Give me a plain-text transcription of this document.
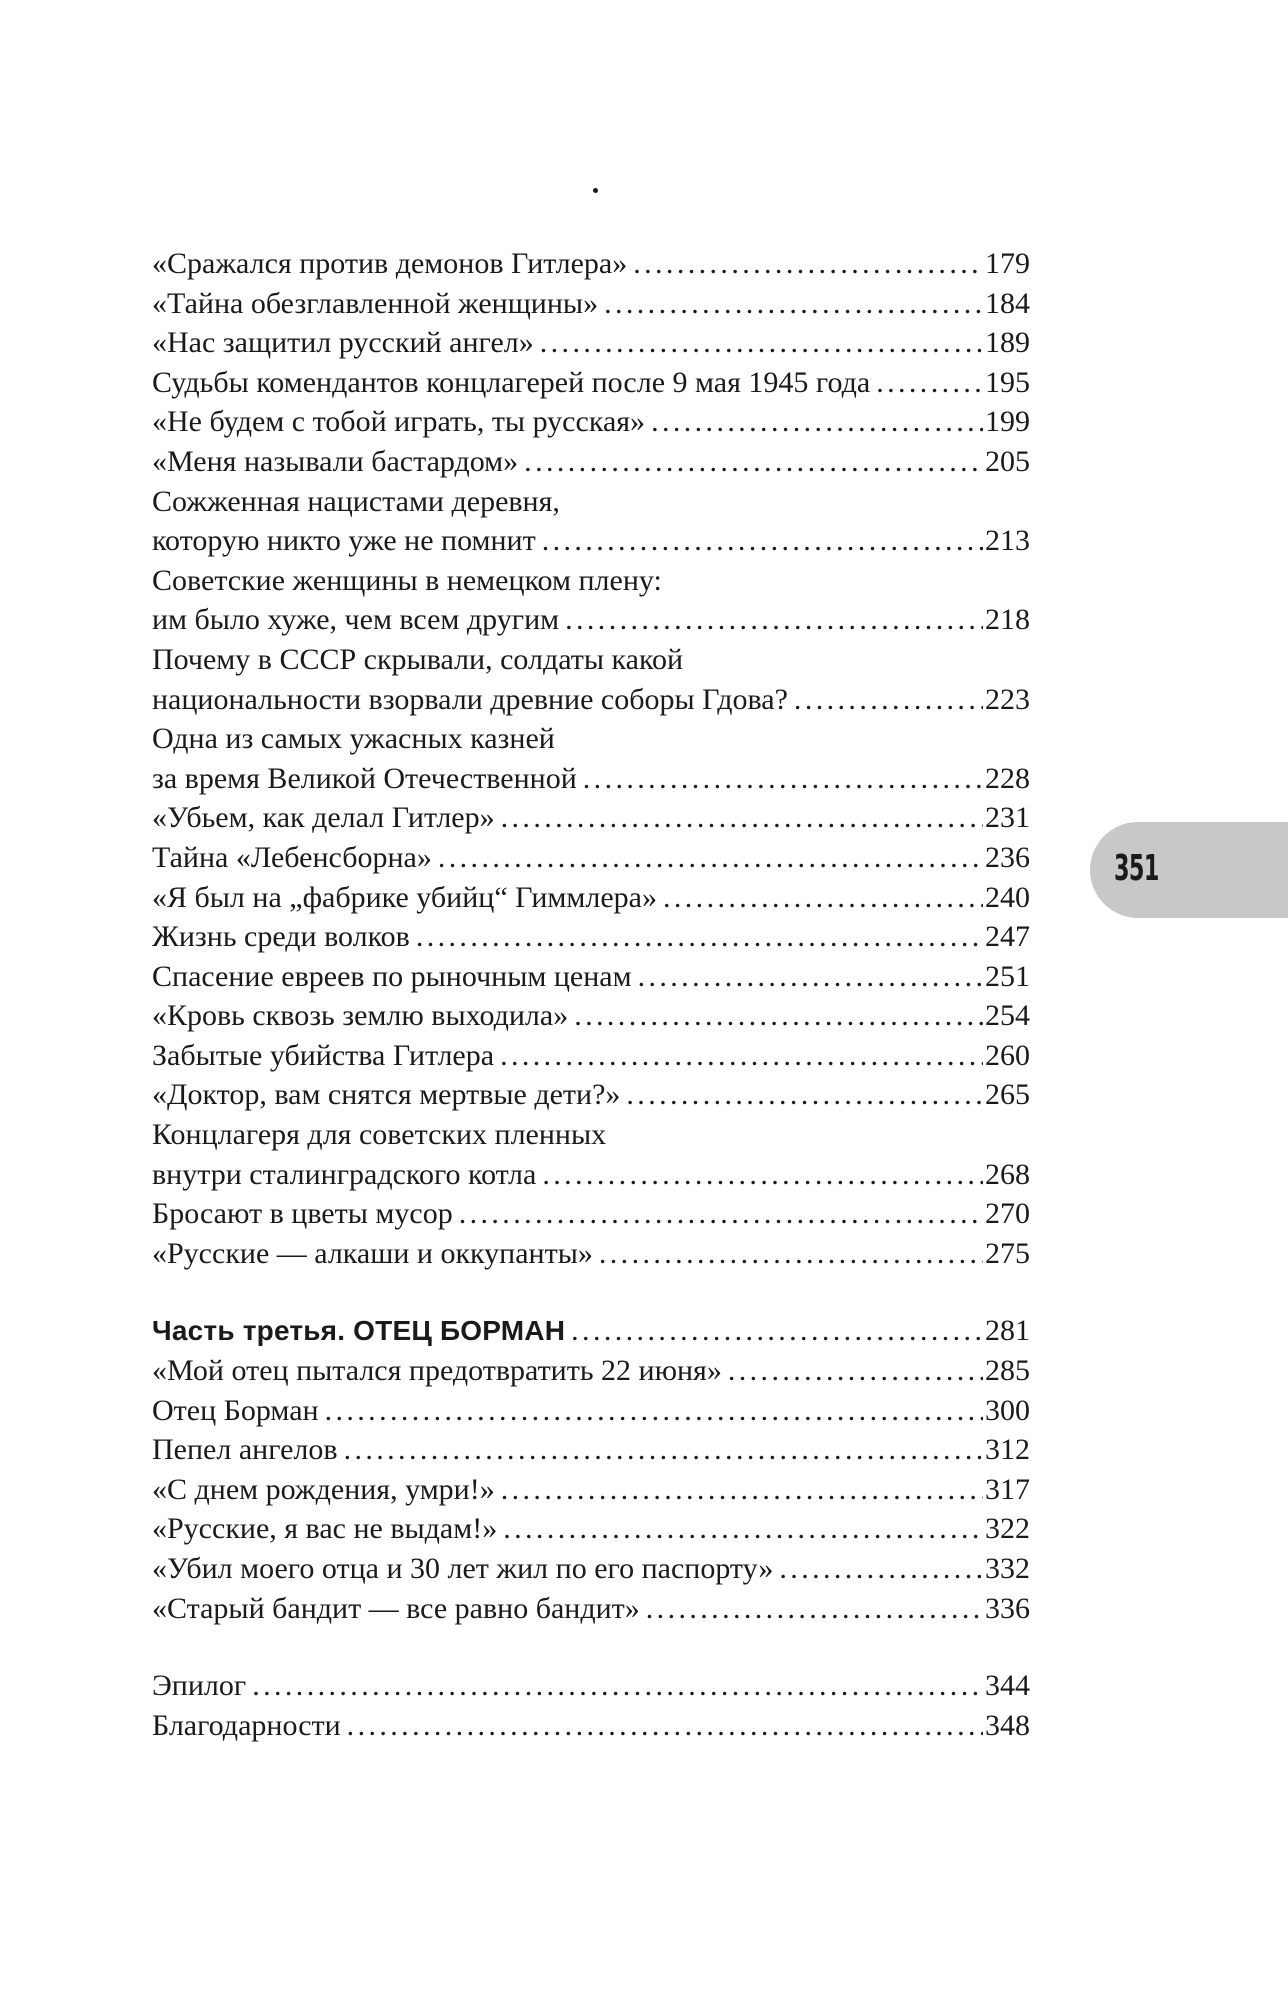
«Сражался против демонов Гитлера» .....	179
«Тайна обезглавленной женщины» .....	184
«Нас защитил русский ангел» .....	189
Судьбы комендантов концлагерей после 9 мая 1945 года .....	195
«Не будем с тобой играть, ты русская» .....	199
«Меня называли бастардом» .....	205
Сожженная нацистами деревня,
которую никто уже не помнит .....	213
Советские женщины в немецком плену:
им было хуже, чем всем другим .....	218
Почему в СССР скрывали, солдаты какой
национальности взорвали древние соборы Гдова? .....	223
Одна из самых ужасных казней
за время Великой Отечественной .....	228
«Убьем, как делал Гитлер» .....	231
Тайна «Лебенсборна» .....	236
«Я был на „фабрике убийц“ Гиммлера» .....	240
Жизнь среди волков .....	247
Спасение евреев по рыночным ценам .....	251
«Кровь сквозь землю выходила» .....	254
Забытые убийства Гитлера .....	260
«Доктор, вам снятся мертвые дети?» .....	265
Концлагеря для советских пленных
внутри сталинградского котла .....	268
Бросают в цветы мусор .....	270
«Русские — алкаши и оккупанты» .....	275
Часть третья. ОТЕЦ БОРМАН .....	281
«Мой отец пытался предотвратить 22 июня» .....	285
Отец Борман .....	300
Пепел ангелов .....	312
«С днем рождения, умри!» .....	317
«Русские, я вас не выдам!» .....	322
«Убил моего отца и 30 лет жил по его паспорту» .....	332
«Старый бандит — все равно бандит» .....	336
Эпилог .....	344
Благодарности .....	348
351
